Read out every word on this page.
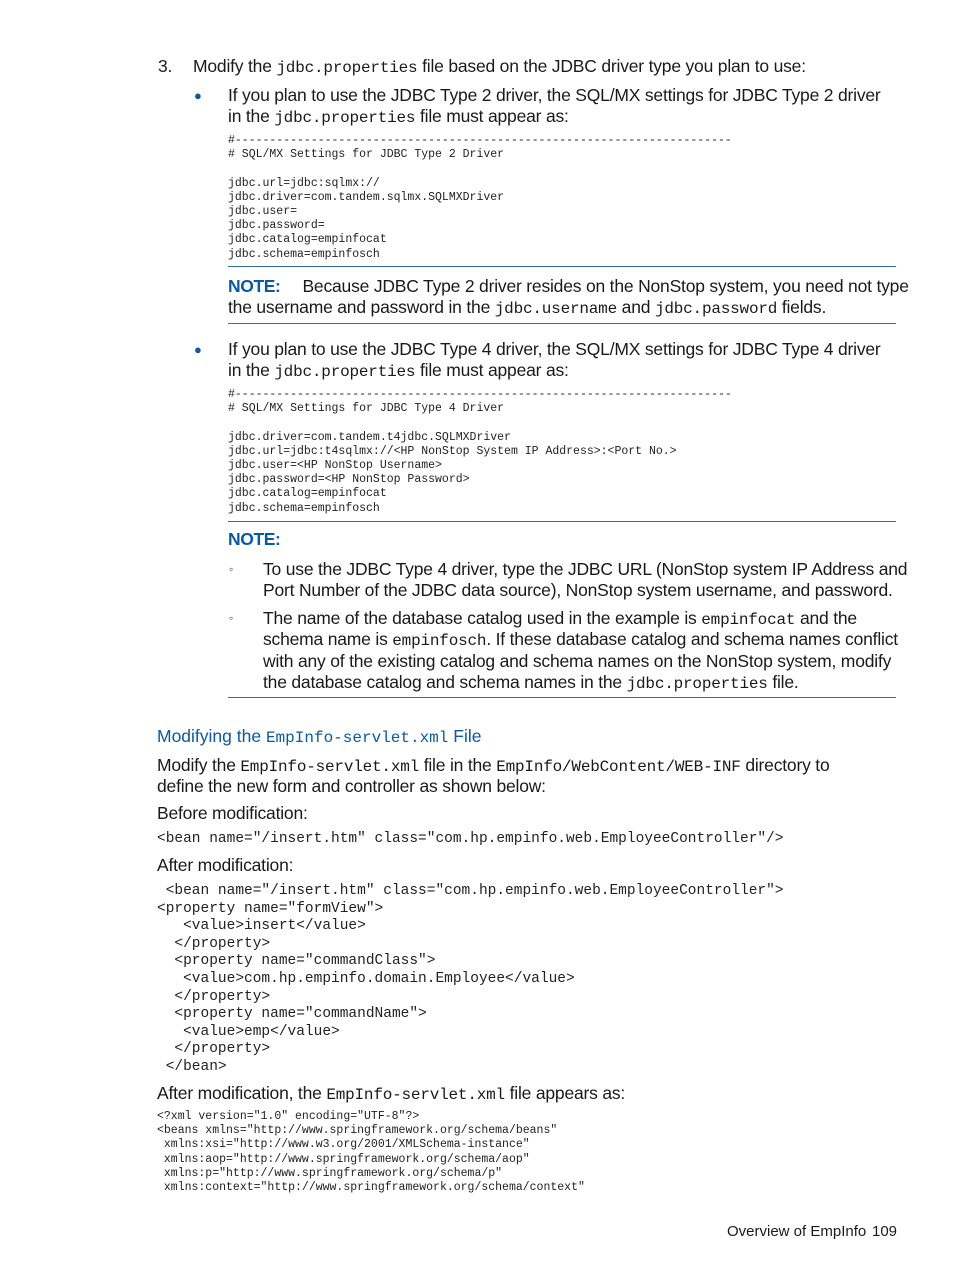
3. Modify the jdbc.properties file based on the JDBC driver type you plan to use:
● If you plan to use the JDBC Type 2 driver, the SQL/MX settings for JDBC Type 2 driver
in the jdbc.properties file must appear as:
#------------------------------------------------------------------------
# SQL/MX Settings for JDBC Type 2 Driver

jdbc.url=jdbc:sqlmx://
jdbc.driver=com.tandem.sqlmx.SQLMXDriver
jdbc.user=
jdbc.password=
jdbc.catalog=empinfocat
jdbc.schema=empinfosch
NOTE: Because JDBC Type 2 driver resides on the NonStop system, you need not type
the username and password in the jdbc.username and jdbc.password fields.
● If you plan to use the JDBC Type 4 driver, the SQL/MX settings for JDBC Type 4 driver
in the jdbc.properties file must appear as:
#------------------------------------------------------------------------
# SQL/MX Settings for JDBC Type 4 Driver

jdbc.driver=com.tandem.t4jdbc.SQLMXDriver
jdbc.url=jdbc:t4sqlmx://<HP NonStop System IP Address>:<Port No.>
jdbc.user=<HP NonStop Username>
jdbc.password=<HP NonStop Password>
jdbc.catalog=empinfocat
jdbc.schema=empinfosch
NOTE:
◦ To use the JDBC Type 4 driver, type the JDBC URL (NonStop system IP Address and
Port Number of the JDBC data source), NonStop system username, and password.
◦ The name of the database catalog used in the example is empinfocat and the
schema name is empinfosch. If these database catalog and schema names conflict
with any of the existing catalog and schema names on the NonStop system, modify
the database catalog and schema names in the jdbc.properties file.
Modifying the EmpInfo-servlet.xml File
Modify the EmpInfo-servlet.xml file in the EmpInfo/WebContent/WEB-INF directory to
define the new form and controller as shown below:
Before modification:
<bean name="/insert.htm" class="com.hp.empinfo.web.EmployeeController"/>
After modification:
<bean name="/insert.htm" class="com.hp.empinfo.web.EmployeeController">
<property name="formView">
<value>insert</value>
</property>
<property name="commandClass">
<value>com.hp.empinfo.domain.Employee</value>
</property>
<property name="commandName">
<value>emp</value>
</property>
</bean>
After modification, the EmpInfo-servlet.xml file appears as:
<?xml version="1.0" encoding="UTF-8"?>
<beans xmlns="http://www.springframework.org/schema/beans"
xmlns:xsi="http://www.w3.org/2001/XMLSchema-instance"
xmlns:aop="http://www.springframework.org/schema/aop"
xmlns:p="http://www.springframework.org/schema/p"
xmlns:context="http://www.springframework.org/schema/context"
Overview of EmpInfo 109
